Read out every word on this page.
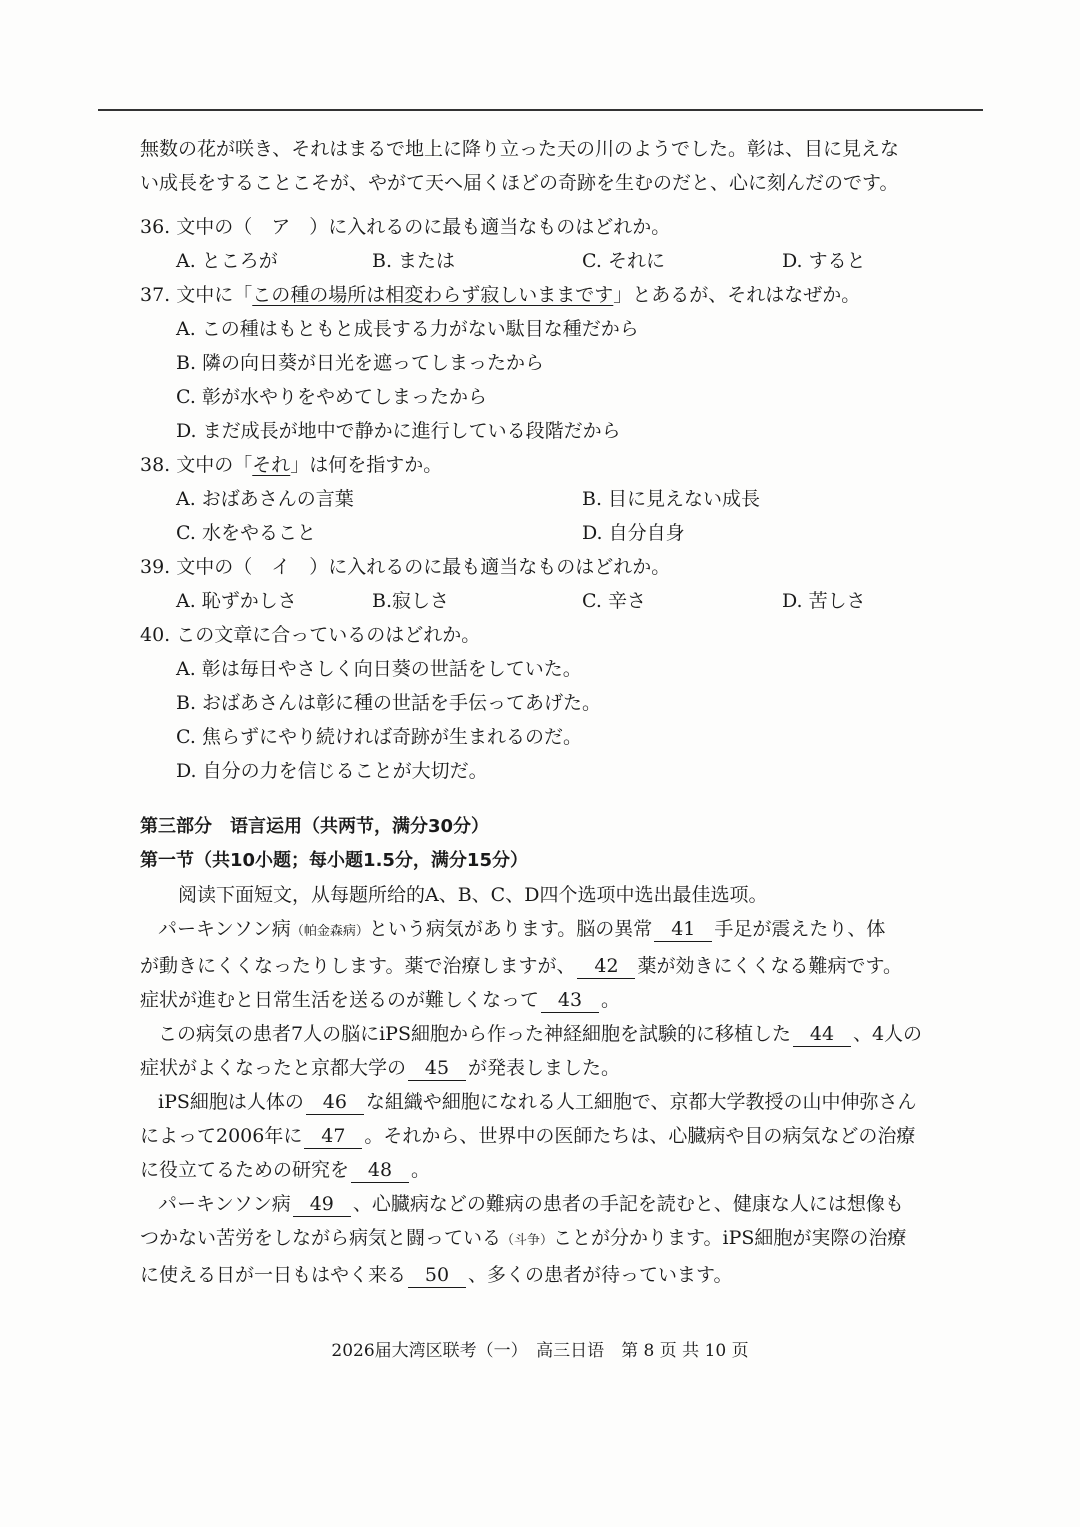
無数の花が咲き、それはまるで地上に降り立った天の川のようでした。彰は、目に見えな
い成長をすることこそが、やがて天へ届くほどの奇跡を生むのだと、心に刻んだのです。
36. 文中の（　ア　）に入れるのに最も適当なものはどれか。
A. ところが	B. または	C. それに	D. すると
37. 文中に「この種の場所は相変わらず寂しいままです」とあるが、それはなぜか。
A. この種はもともと成長する力がない駄目な種だから
B. 隣の向日葵が日光を遮ってしまったから
C. 彰が水やりをやめてしまったから
D. まだ成長が地中で静かに進行している段階だから
38. 文中の「それ」は何を指すか。
A. おばあさんの言葉	B. 目に見えない成長
C. 水をやること	D. 自分自身
39. 文中の（　イ　）に入れるのに最も適当なものはどれか。
A. 恥ずかしさ	B.寂しさ	C. 辛さ	D. 苦しさ
40. この文章に合っているのはどれか。
A. 彰は毎日やさしく向日葵の世話をしていた。
B. おばあさんは彰に種の世話を手伝ってあげた。
C. 焦らずにやり続ければ奇跡が生まれるのだ。
D. 自分の力を信じることが大切だ。
第三部分　语言运用（共两节，满分30分）
第一节（共10小题；每小题1.5分，满分15分）
阅读下面短文，从每题所给的A、B、C、D四个选项中选出最佳选项。
パーキンソン病（帕金森病）という病気があります。脳の異常 41 手足が震えたり、体
が動きにくくなったりします。薬で治療しますが、 42 薬が効きにくくなる難病です。
症状が進むと日常生活を送るのが難しくなって 43 。
この病気の患者7人の脳にiPS細胞から作った神経細胞を試験的に移植した 44 、4人の
症状がよくなったと京都大学の 45 が発表しました。
iPS細胞は人体の 46 な組織や細胞になれる人工細胞で、京都大学教授の山中伸弥さん
によって2006年に 47 。それから、世界中の医師たちは、心臓病や目の病気などの治療
に役立てるための研究を 48 。
パーキンソン病 49 、心臓病などの難病の患者の手記を読むと、健康な人には想像も
つかない苦労をしながら病気と闘っている（斗争）ことが分かります。iPS細胞が実際の治療
に使える日が一日もはやく来る 50 、多くの患者が待っています。
2026届大湾区联考（一）　高三日语　第 8 页 共 10 页
